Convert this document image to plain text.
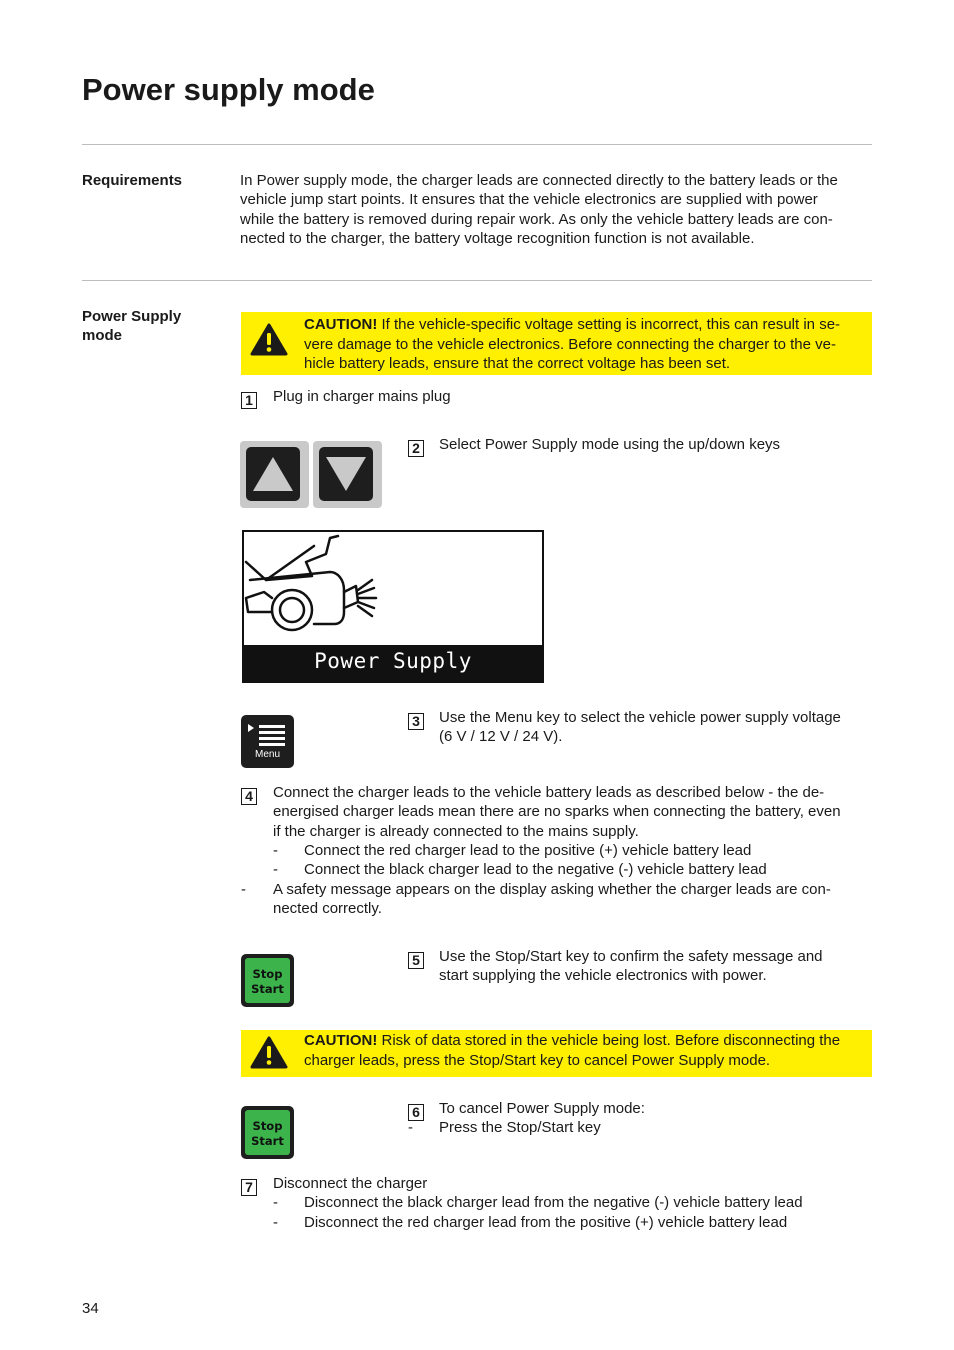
Power supply mode
Requirements	In Power supply mode, the charger leads are connected directly to the battery leads or the
vehicle jump start points. It ensures that the vehicle electronics are supplied with power
while the battery is removed during repair work. As only the vehicle battery leads are con-
nected to the charger, the battery voltage recognition function is not available.
Power Supply
mode
CAUTION! If the vehicle-specific voltage setting is incorrect, this can result in se-
vere damage to the vehicle electronics. Before connecting the charger to the ve-
hicle battery leads, ensure that the correct voltage has been set.
1 Plug in charger mains plug
2 Select Power Supply mode using the up/down keys
Power Supply
Menu
3 Use the Menu key to select the vehicle power supply voltage
(6 V / 12 V / 24 V).
4 Connect the charger leads to the vehicle battery leads as described below - the de-
energised charger leads mean there are no sparks when connecting the battery, even
if the charger is already connected to the mains supply.
- Connect the red charger lead to the positive (+) vehicle battery lead
- Connect the black charger lead to the negative (-) vehicle battery lead
- A safety message appears on the display asking whether the charger leads are con-
nected correctly.
Stop
Start
5 Use the Stop/Start key to confirm the safety message and
start supplying the vehicle electronics with power.
CAUTION! Risk of data stored in the vehicle being lost. Before disconnecting the
charger leads, press the Stop/Start key to cancel Power Supply mode.
Stop
Start
6 To cancel Power Supply mode:
- Press the Stop/Start key
7 Disconnect the charger
- Disconnect the black charger lead from the negative (-) vehicle battery lead
- Disconnect the red charger lead from the positive (+) vehicle battery lead
34
